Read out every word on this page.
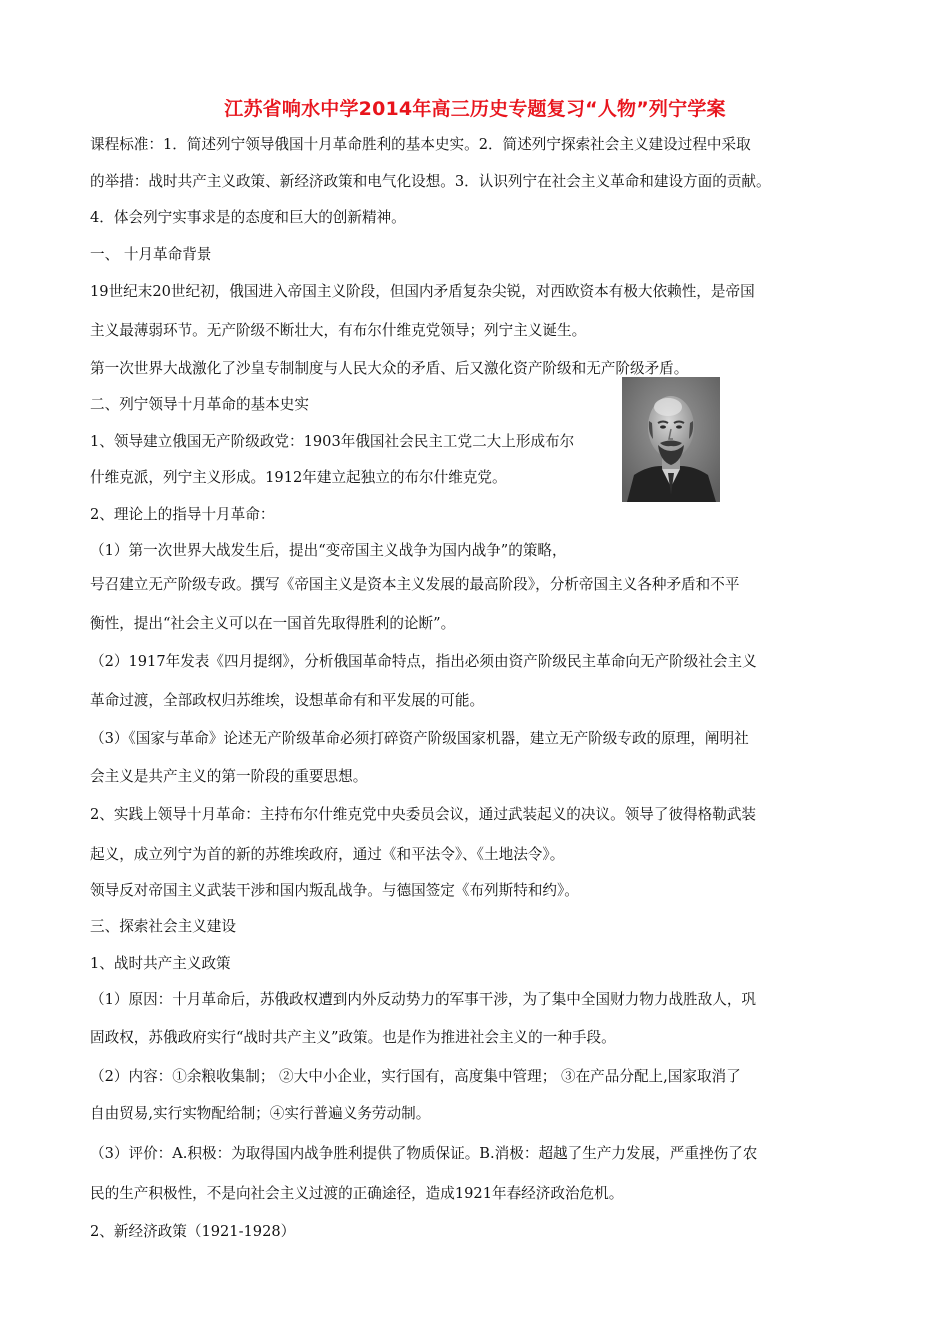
江苏省响水中学2014年高三历史专题复习“人物”列宁学案
课程标准：1．简述列宁领导俄国十月革命胜利的基本史实。2．简述列宁探索社会主义建设过程中采取
的举措：战时共产主义政策、新经济政策和电气化设想。3．认识列宁在社会主义革命和建设方面的贡献。
4．体会列宁实事求是的态度和巨大的创新精神。
一、 十月革命背景
19世纪末20世纪初，俄国进入帝国主义阶段，但国内矛盾复杂尖锐，对西欧资本有极大依赖性，是帝国
主义最薄弱环节。无产阶级不断壮大，有布尔什维克党领导；列宁主义诞生。
第一次世界大战激化了沙皇专制制度与人民大众的矛盾、后又激化资产阶级和无产阶级矛盾。
二、列宁领导十月革命的基本史实
1、领导建立俄国无产阶级政党：1903年俄国社会民主工党二大上形成布尔
什维克派，列宁主义形成。1912年建立起独立的布尔什维克党。
2、理论上的指导十月革命：
（1）第一次世界大战发生后，提出“变帝国主义战争为国内战争”的策略，
号召建立无产阶级专政。撰写《帝国主义是资本主义发展的最高阶段》，分析帝国主义各种矛盾和不平
衡性，提出“社会主义可以在一国首先取得胜利的论断”。
（2）1917年发表《四月提纲》，分析俄国革命特点，指出必须由资产阶级民主革命向无产阶级社会主义
革命过渡，全部政权归苏维埃，设想革命有和平发展的可能。
（3）《国家与革命》论述无产阶级革命必须打碎资产阶级国家机器，建立无产阶级专政的原理，阐明社
会主义是共产主义的第一阶段的重要思想。
2、实践上领导十月革命：主持布尔什维克党中央委员会议，通过武装起义的决议。领导了彼得格勒武装
起义，成立列宁为首的新的苏维埃政府，通过《和平法令》、《土地法令》。
领导反对帝国主义武装干涉和国内叛乱战争。与德国签定《布列斯特和约》。
三、探索社会主义建设
1、战时共产主义政策
（1）原因：十月革命后，苏俄政权遭到内外反动势力的军事干涉，为了集中全国财力物力战胜敌人，巩
固政权，苏俄政府实行“战时共产主义”政策。也是作为推进社会主义的一种手段。
（2）内容：①余粮收集制； ②大中小企业，实行国有，高度集中管理； ③在产品分配上,国家取消了
自由贸易,实行实物配给制；④实行普遍义务劳动制。
（3）评价：A.积极：为取得国内战争胜利提供了物质保证。B.消极：超越了生产力发展，严重挫伤了农
民的生产积极性，不是向社会主义过渡的正确途径，造成1921年春经济政治危机。
2、新经济政策（1921-1928）
